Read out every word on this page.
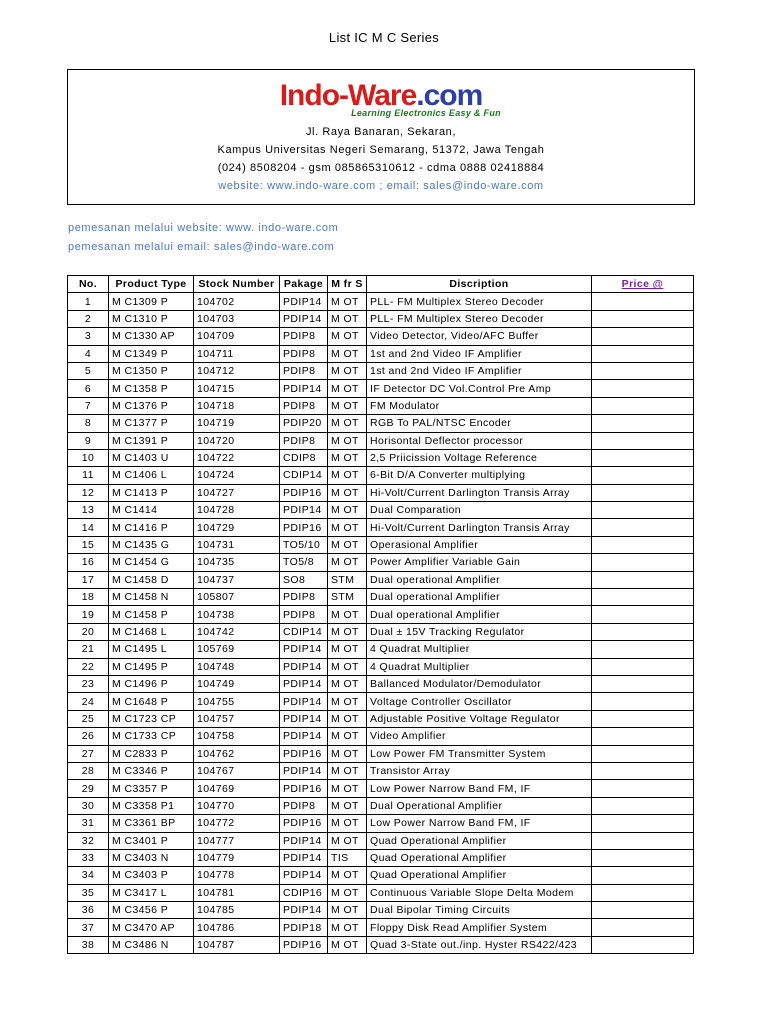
List IC M C Series
Indo-Ware.com
Learning Electronics Easy & Fun
Jl. Raya Banaran, Sekaran,
Kampus Universitas Negeri Semarang, 51372, Jawa Tengah
(024) 8508204 - gsm 085865310612 - cdma 0888 02418884
website: www.indo-ware.com ; email: sales@indo-ware.com
pemesanan melalui website: www. indo-ware.com
pemesanan melalui email: sales@indo-ware.com
No.	Product Type	Stock Number	Pakage	M fr S	Discription	Price @
1	M C1309 P	104702	PDIP14	M OT	PLL- FM Multiplex Stereo Decoder	
2	M C1310 P	104703	PDIP14	M OT	PLL- FM Multiplex Stereo Decoder	
3	M C1330 AP	104709	PDIP8	M OT	Video Detector, Video/AFC Buffer	
4	M C1349 P	104711	PDIP8	M OT	1st and 2nd Video IF Amplifier	
5	M C1350 P	104712	PDIP8	M OT	1st and 2nd Video IF Amplifier	
6	M C1358 P	104715	PDIP14	M OT	IF Detector DC Vol.Control Pre Amp	
7	M C1376 P	104718	PDIP8	M OT	FM Modulator	
8	M C1377 P	104719	PDIP20	M OT	RGB To PAL/NTSC Encoder	
9	M C1391 P	104720	PDIP8	M OT	Horisontal Deflector processor	
10	M C1403 U	104722	CDIP8	M OT	2,5 Priicission Voltage Reference	
11	M C1406 L	104724	CDIP14	M OT	6-Bit D/A Converter multiplying	
12	M C1413 P	104727	PDIP16	M OT	Hi-Volt/Current Darlington Transis Array	
13	M C1414	104728	PDIP14	M OT	Dual Comparation	
14	M C1416 P	104729	PDIP16	M OT	Hi-Volt/Current Darlington Transis Array	
15	M C1435 G	104731	TO5/10	M OT	Operasional Amplifier	
16	M C1454 G	104735	TO5/8	M OT	Power Amplifier Variable Gain	
17	M C1458 D	104737	SO8	STM	Dual operational Amplifier	
18	M C1458 N	105807	PDIP8	STM	Dual operational Amplifier	
19	M C1458 P	104738	PDIP8	M OT	Dual operational Amplifier	
20	M C1468 L	104742	CDIP14	M OT	Dual ± 15V Tracking Regulator	
21	M C1495 L	105769	PDIP14	M OT	4 Quadrat Multiplier	
22	M C1495 P	104748	PDIP14	M OT	4 Quadrat Multiplier	
23	M C1496 P	104749	PDIP14	M OT	Ballanced Modulator/Demodulator	
24	M C1648 P	104755	PDIP14	M OT	Voltage Controller Oscillator	
25	M C1723 CP	104757	PDIP14	M OT	Adjustable Positive Voltage Regulator	
26	M C1733 CP	104758	PDIP14	M OT	Video Amplifier	
27	M C2833 P	104762	PDIP16	M OT	Low Power FM Transmitter System	
28	M C3346 P	104767	PDIP14	M OT	Transistor Array	
29	M C3357 P	104769	PDIP16	M OT	Low Power Narrow Band FM, IF	
30	M C3358 P1	104770	PDIP8	M OT	Dual Operational Amplifier	
31	M C3361 BP	104772	PDIP16	M OT	Low Power Narrow Band FM, IF	
32	M C3401 P	104777	PDIP14	M OT	Quad Operational Amplifier	
33	M C3403 N	104779	PDIP14	TIS	Quad Operational Amplifier	
34	M C3403 P	104778	PDIP14	M OT	Quad Operational Amplifier	
35	M C3417 L	104781	CDIP16	M OT	Continuous Variable Slope Delta Modem	
36	M C3456 P	104785	PDIP14	M OT	Dual Bipolar Timing Circuits	
37	M C3470 AP	104786	PDIP18	M OT	Floppy Disk Read Amplifier System	
38	M C3486 N	104787	PDIP16	M OT	Quad 3-State out./inp. Hyster RS422/423	
